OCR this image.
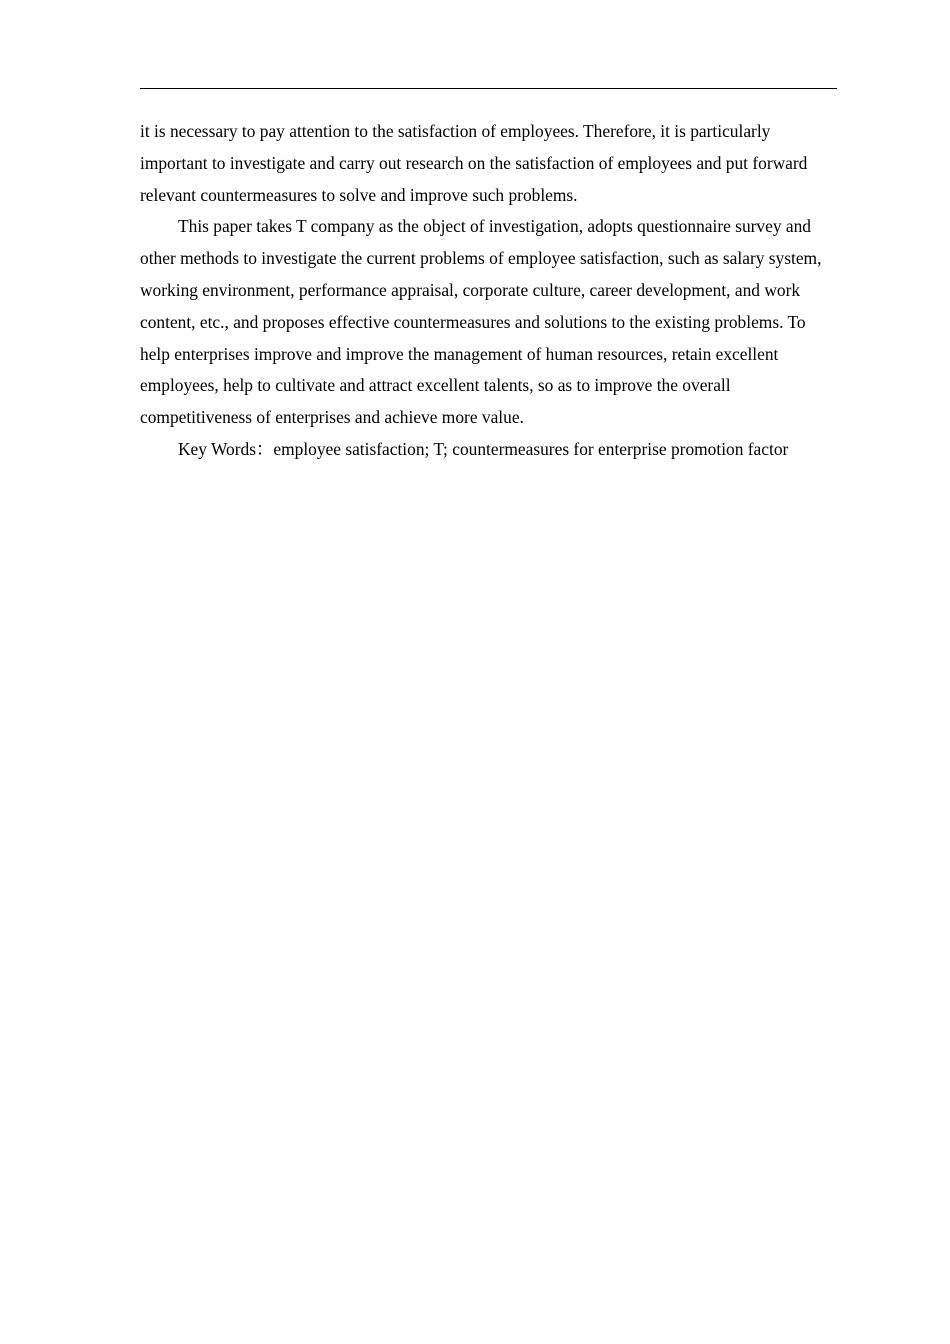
it is necessary to pay attention to the satisfaction of employees. Therefore, it is particularly important to investigate and carry out research on the satisfaction of employees and put forward relevant countermeasures to solve and improve such problems.

This paper takes T company as the object of investigation, adopts questionnaire survey and other methods to investigate the current problems of employee satisfaction, such as salary system, working environment, performance appraisal, corporate culture, career development, and work content, etc., and proposes effective countermeasures and solutions to the existing problems. To help enterprises improve and improve the management of human resources, retain excellent employees, help to cultivate and attract excellent talents, so as to improve the overall competitiveness of enterprises and achieve more value.

Key Words：employee satisfaction; T; countermeasures for enterprise promotion factor
